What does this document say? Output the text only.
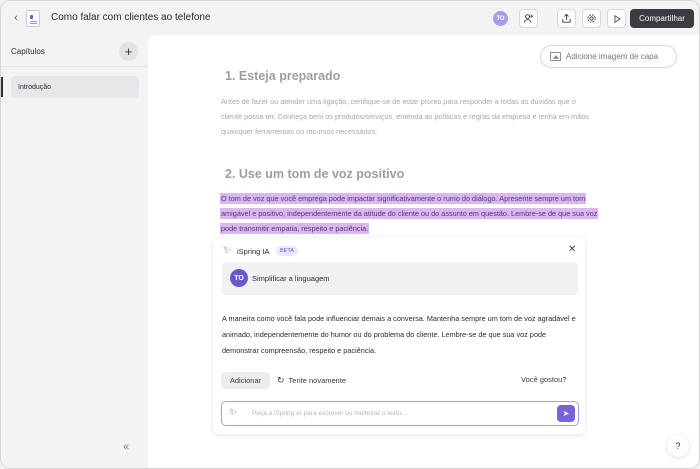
‹	Como falar com clientes ao telefone	TO	Compartilhar
Capítulos	+
Introdução
«
Adicione imagem de capa
1. Esteja preparado
Antes de fazer ou atender uma ligação, certifique-se de estar pronto para responder a todas as dúvidas que o cliente possa ter. Conheça bem os produtos/serviços, entenda as políticas e regras da empresa e tenha em mãos quaisquer ferramentas ou recursos necessários.
2. Use um tom de voz positivo
O tom de voz que você emprega pode impactar significativamente o rumo do diálogo. Apresente sempre um tom amigável e positivo, independentemente da atitude do cliente ou do assunto em questão. Lembre-se de que sua voz pode transmitir empatia, respeito e paciência.
✨︎ iSpring IA	BETA	✕
TO	Simplificar a linguagem
A maneira como você fala pode influenciar demais a conversa. Mantenha sempre um tom de voz agradável e animado, independentemente do humor ou do problema do cliente. Lembre-se de que sua voz pode demonstrar compreensão, respeito e paciência.
Adicionar	↻ Tente novamente	Você gostou?
✨︎
Peça à iSpring AI para escrever ou melhorar o texto...	➤
?
